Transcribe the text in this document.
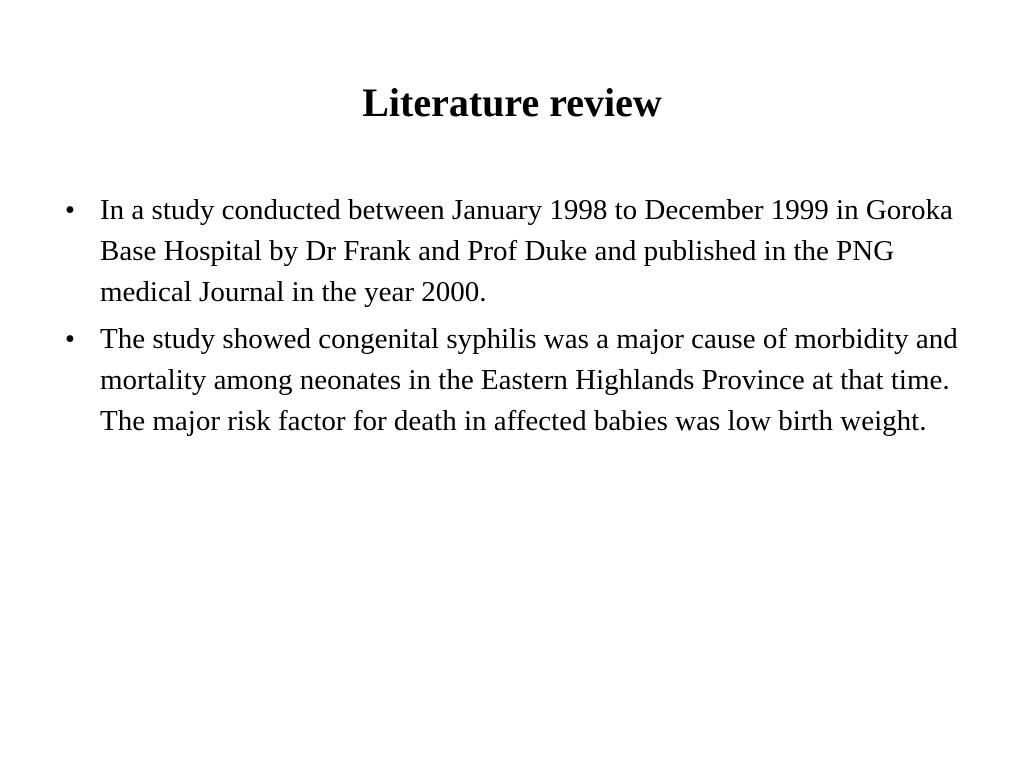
Literature review
• In a study conducted between January 1998 to December 1999 in Goroka Base Hospital by Dr Frank and Prof Duke and published in the PNG medical Journal in the year 2000.
• The study showed congenital syphilis was a major cause of morbidity and mortality among neonates in the Eastern Highlands Province at that time. The major risk factor for death in affected babies was low birth weight.
